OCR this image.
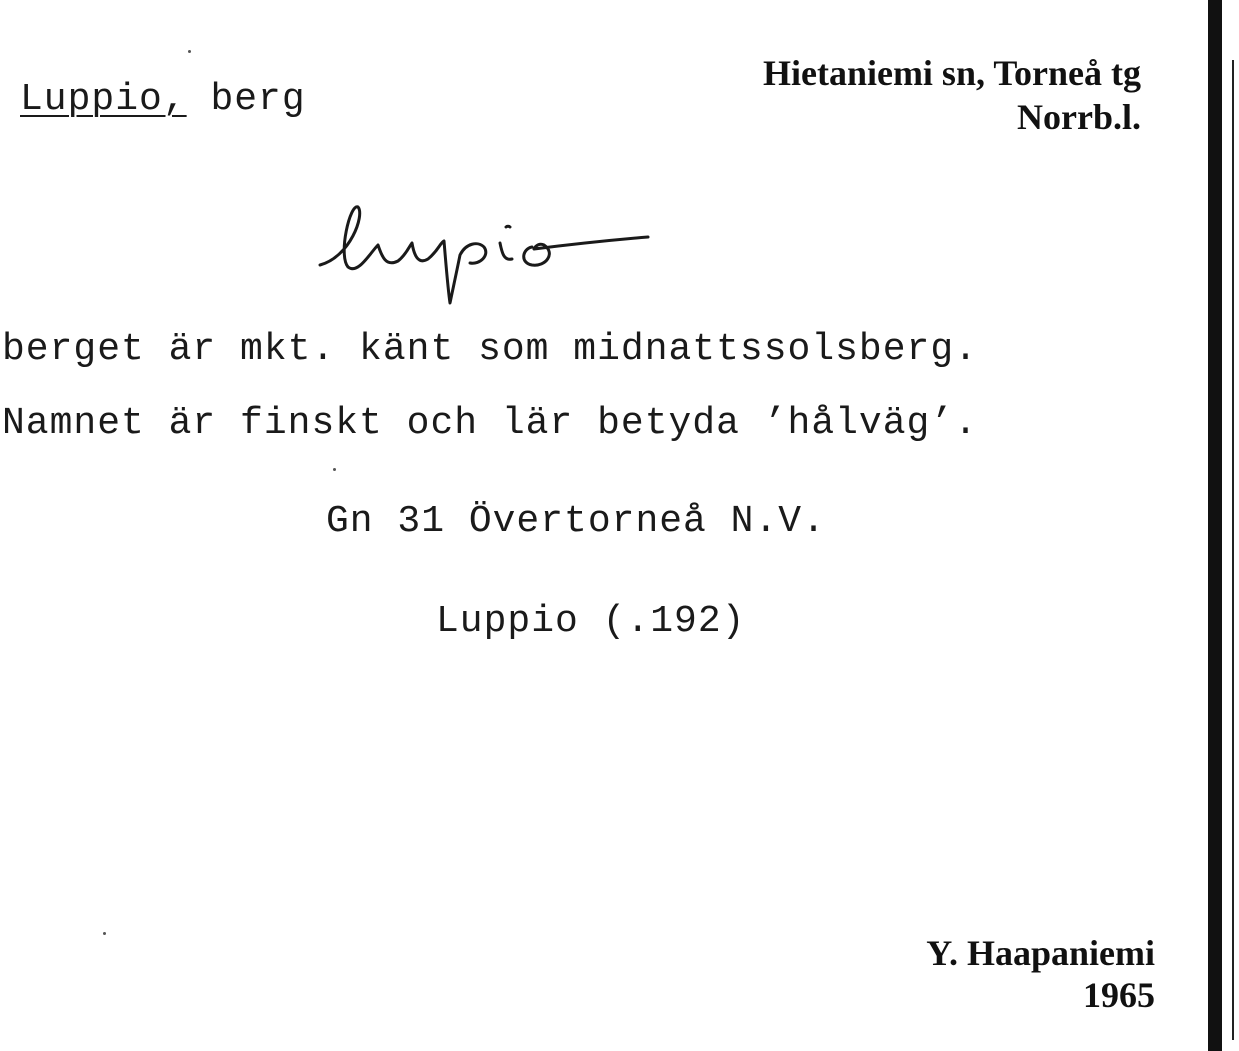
Luppio, berg
Hietaniemi sn, Torneå tg
Norrb.l.
berget är mkt. känt som midnattssolsberg.
Namnet är finskt och lär betyda ’hålväg’.
Gn 31 Övertorneå N.V.
Luppio (.192)
Y. Haapaniemi
1965
